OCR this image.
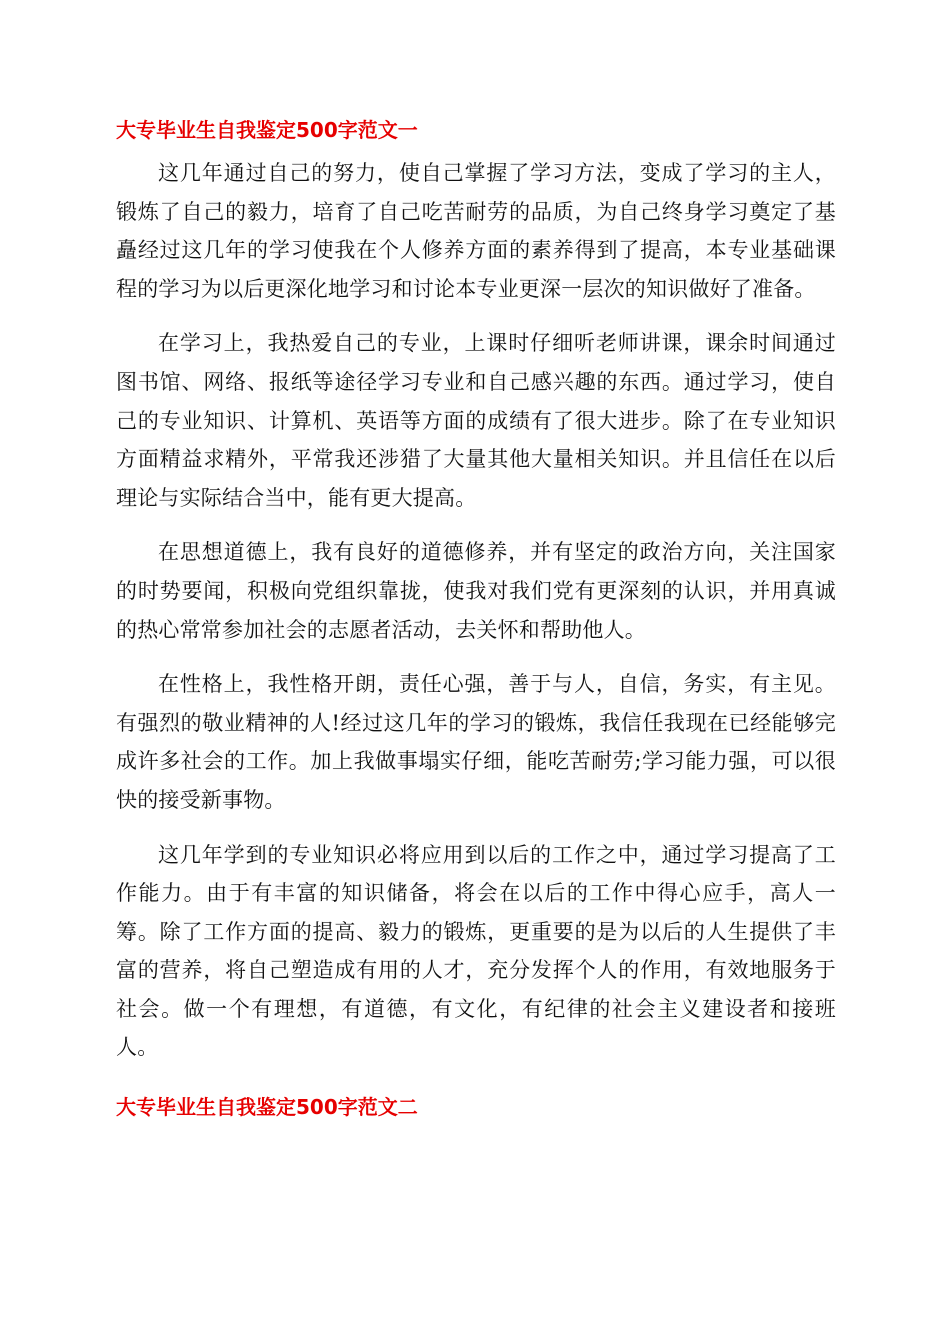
大专毕业生自我鉴定500字范文一

这几年通过自己的努力，使自己掌握了学习方法，变成了学习的主人，锻炼了自己的毅力，培育了自己吃苦耐劳的品质，为自己终身学习奠定了基矗经过这几年的学习使我在个人修养方面的素养得到了提高，本专业基础课程的学习为以后更深化地学习和讨论本专业更深一层次的知识做好了准备。

在学习上，我热爱自己的专业，上课时仔细听老师讲课，课余时间通过图书馆、网络、报纸等途径学习专业和自己感兴趣的东西。通过学习，使自己的专业知识、计算机、英语等方面的成绩有了很大进步。除了在专业知识方面精益求精外，平常我还涉猎了大量其他大量相关知识。并且信任在以后理论与实际结合当中，能有更大提高。

在思想道德上，我有良好的道德修养，并有坚定的政治方向，关注国家的时势要闻，积极向党组织靠拢，使我对我们党有更深刻的认识，并用真诚的热心常常参加社会的志愿者活动，去关怀和帮助他人。

在性格上，我性格开朗，责任心强，善于与人，自信，务实，有主见。有强烈的敬业精神的人!经过这几年的学习的锻炼，我信任我现在已经能够完成许多社会的工作。加上我做事塌实仔细，能吃苦耐劳;学习能力强，可以很快的接受新事物。

这几年学到的专业知识必将应用到以后的工作之中，通过学习提高了工作能力。由于有丰富的知识储备，将会在以后的工作中得心应手，高人一筹。除了工作方面的提高、毅力的锻炼，更重要的是为以后的人生提供了丰富的营养，将自己塑造成有用的人才，充分发挥个人的作用，有效地服务于社会。做一个有理想，有道德，有文化，有纪律的社会主义建设者和接班人。

大专毕业生自我鉴定500字范文二
